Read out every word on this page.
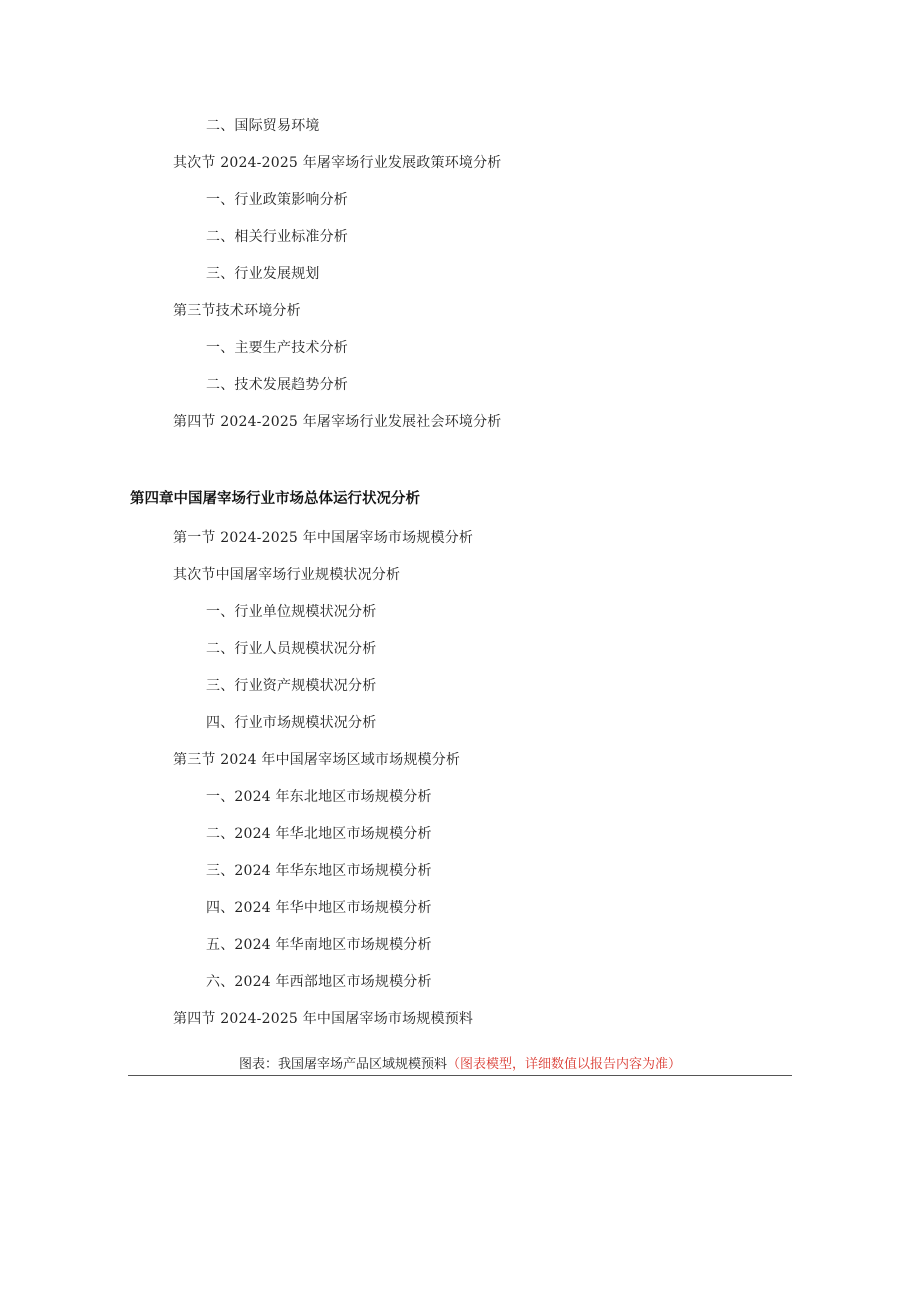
二、国际贸易环境
其次节 2024-2025 年屠宰场行业发展政策环境分析
一、行业政策影响分析
二、相关行业标准分析
三、行业发展规划
第三节技术环境分析
一、主要生产技术分析
二、技术发展趋势分析
第四节 2024-2025 年屠宰场行业发展社会环境分析
第四章中国屠宰场行业市场总体运行状况分析
第一节 2024-2025 年中国屠宰场市场规模分析
其次节中国屠宰场行业规模状况分析
一、行业单位规模状况分析
二、行业人员规模状况分析
三、行业资产规模状况分析
四、行业市场规模状况分析
第三节 2024 年中国屠宰场区域市场规模分析
一、2024 年东北地区市场规模分析
二、2024 年华北地区市场规模分析
三、2024 年华东地区市场规模分析
四、2024 年华中地区市场规模分析
五、2024 年华南地区市场规模分析
六、2024 年西部地区市场规模分析
第四节 2024-2025 年中国屠宰场市场规模预料
图表：我国屠宰场产品区域规模预料（图表模型，详细数值以报告内容为准）
